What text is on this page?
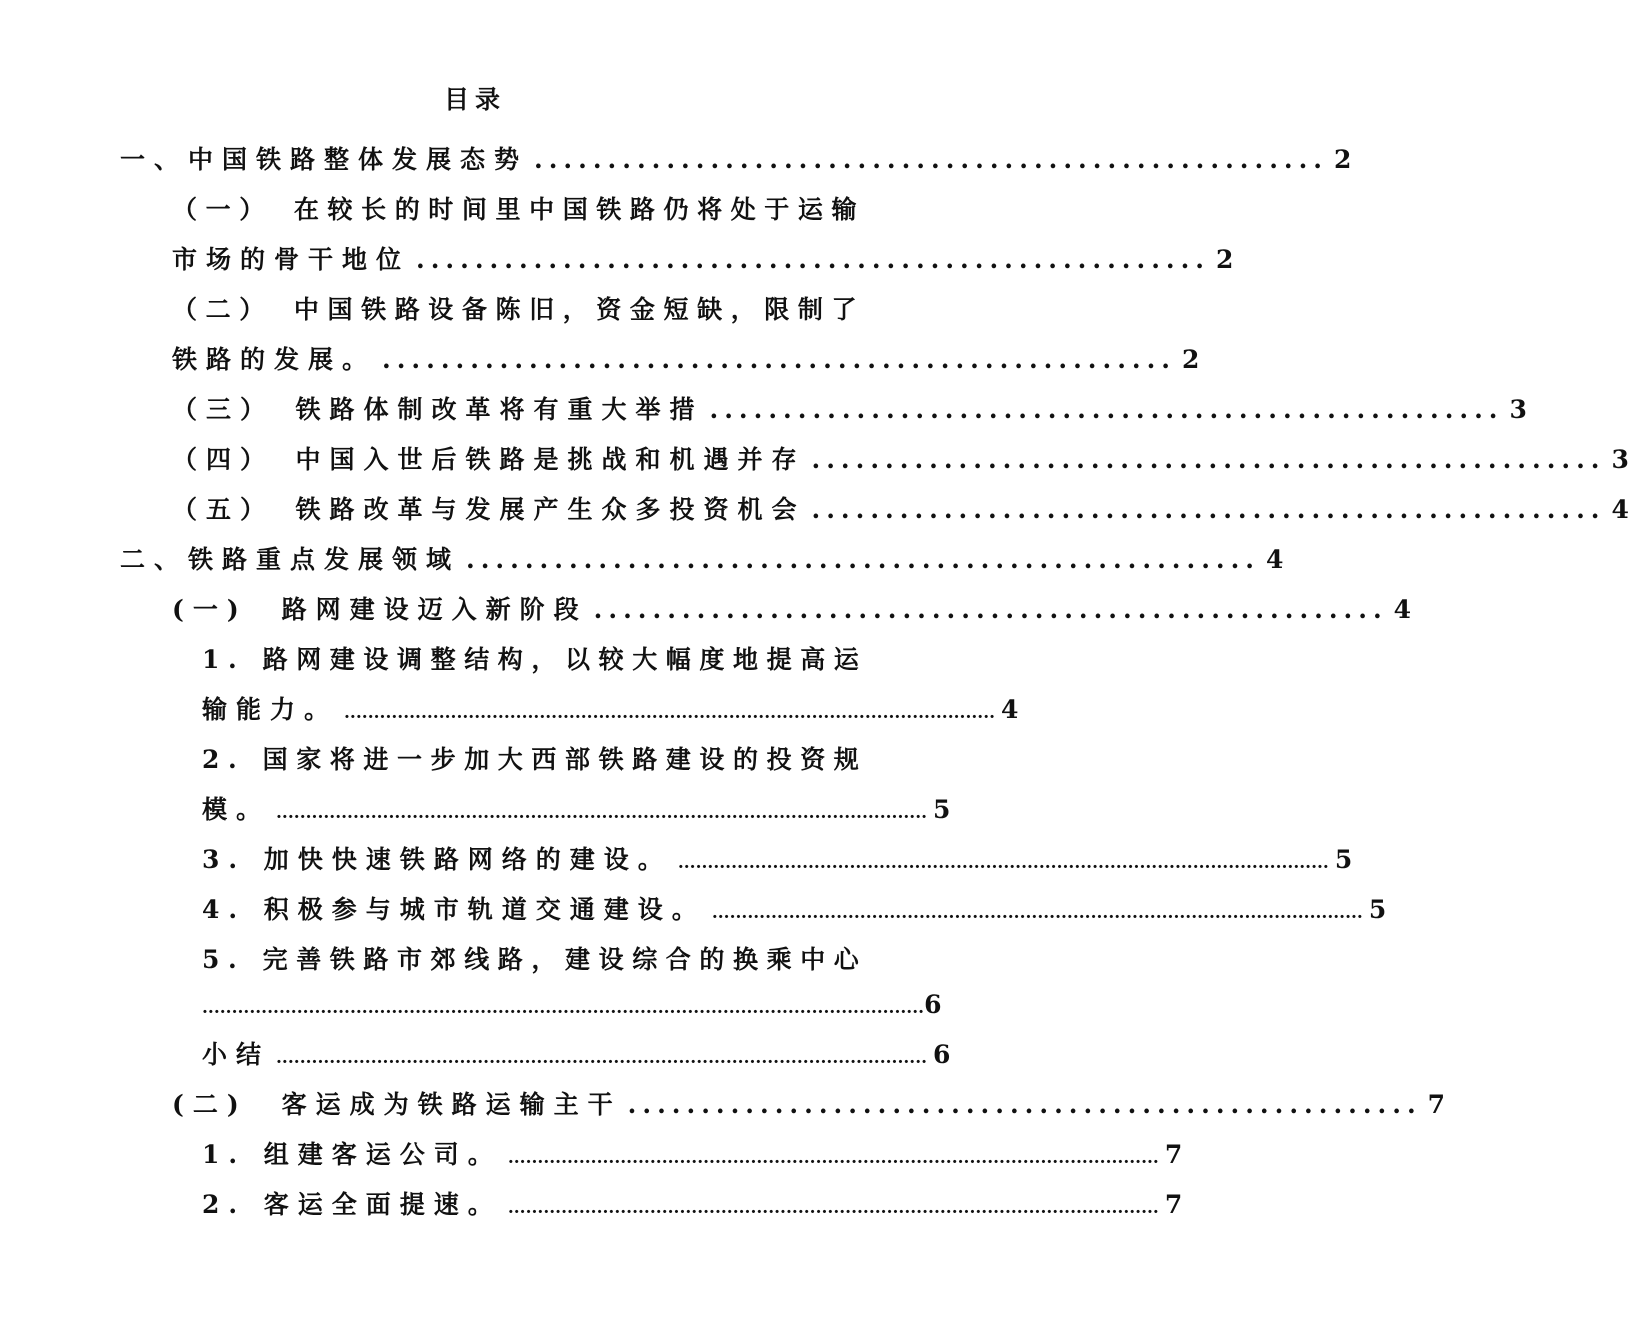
目录
一、中国铁路整体发展态势 ...................................................... 2
（一）　在较长的时间里中国铁路仍将处于运输
市场的骨干地位 ...................................................... 2
（二）　中国铁路设备陈旧，资金短缺，限制了
铁路的发展。 ...................................................... 2
（三）　铁路体制改革将有重大举措 ...................................................... 3
（四）　中国入世后铁路是挑战和机遇并存 ...................................................... 3
（五）　铁路改革与发展产生众多投资机会 ...................................................... 4
二、铁路重点发展领域 ...................................................... 4
(一)　路网建设迈入新阶段 ...................................................... 4
1. 路网建设调整结构，以较大幅度地提高运
输能力。 .............................................................................................................. 4
2. 国家将进一步加大西部铁路建设的投资规
模。 .............................................................................................................. 5
3. 加快快速铁路网络的建设。 .............................................................................................................. 5
4. 积极参与城市轨道交通建设。 .............................................................................................................. 5
5. 完善铁路市郊线路，建设综合的换乘中心
.......................................................................................................................... 6
小结 .............................................................................................................. 6
(二)　客运成为铁路运输主干 ...................................................... 7
1. 组建客运公司。 .............................................................................................................. 7
2. 客运全面提速。 .............................................................................................................. 7
